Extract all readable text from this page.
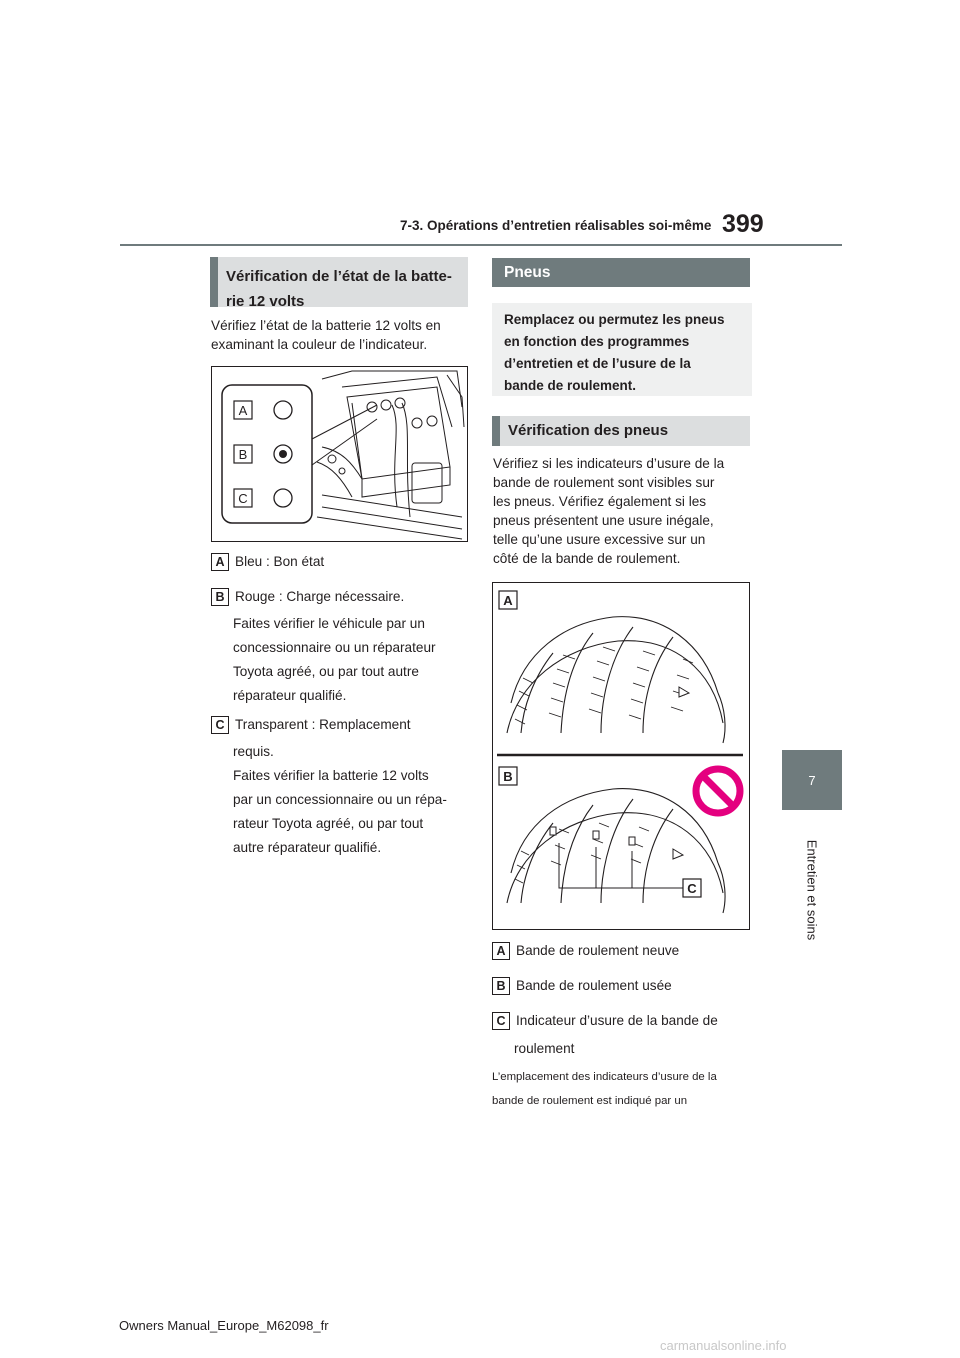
7-3. Opérations d’entretien réalisables soi-même 399
7
Entretien et soins
Vérification de l’état de la batte-
rie 12 volts
Vérifiez l’état de la batterie 12 volts en
examinant la couleur de l’indicateur.
A
B
C
A Bleu : Bon état
B Rouge : Charge nécessaire.
Faites vérifier le véhicule par un
concessionnaire ou un réparateur
Toyota agréé, ou par tout autre
réparateur qualifié.
C Transparent : Remplacement
requis.
Faites vérifier la batterie 12 volts
par un concessionnaire ou un répa-
rateur Toyota agréé, ou par tout
autre réparateur qualifié.
Pneus
Remplacez ou permutez les pneus
en fonction des programmes
d’entretien et de l’usure de la
bande de roulement.
Vérification des pneus
Vérifiez si les indicateurs d’usure de la
bande de roulement sont visibles sur
les pneus. Vérifiez également si les
pneus présentent une usure inégale,
telle qu’une usure excessive sur un
côté de la bande de roulement.
A
B
C
A Bande de roulement neuve
B Bande de roulement usée
C Indicateur d’usure de la bande de
roulement
L’emplacement des indicateurs d’usure de la
bande de roulement est indiqué par un
Owners Manual_Europe_M62098_fr
carmanualsonline.info
